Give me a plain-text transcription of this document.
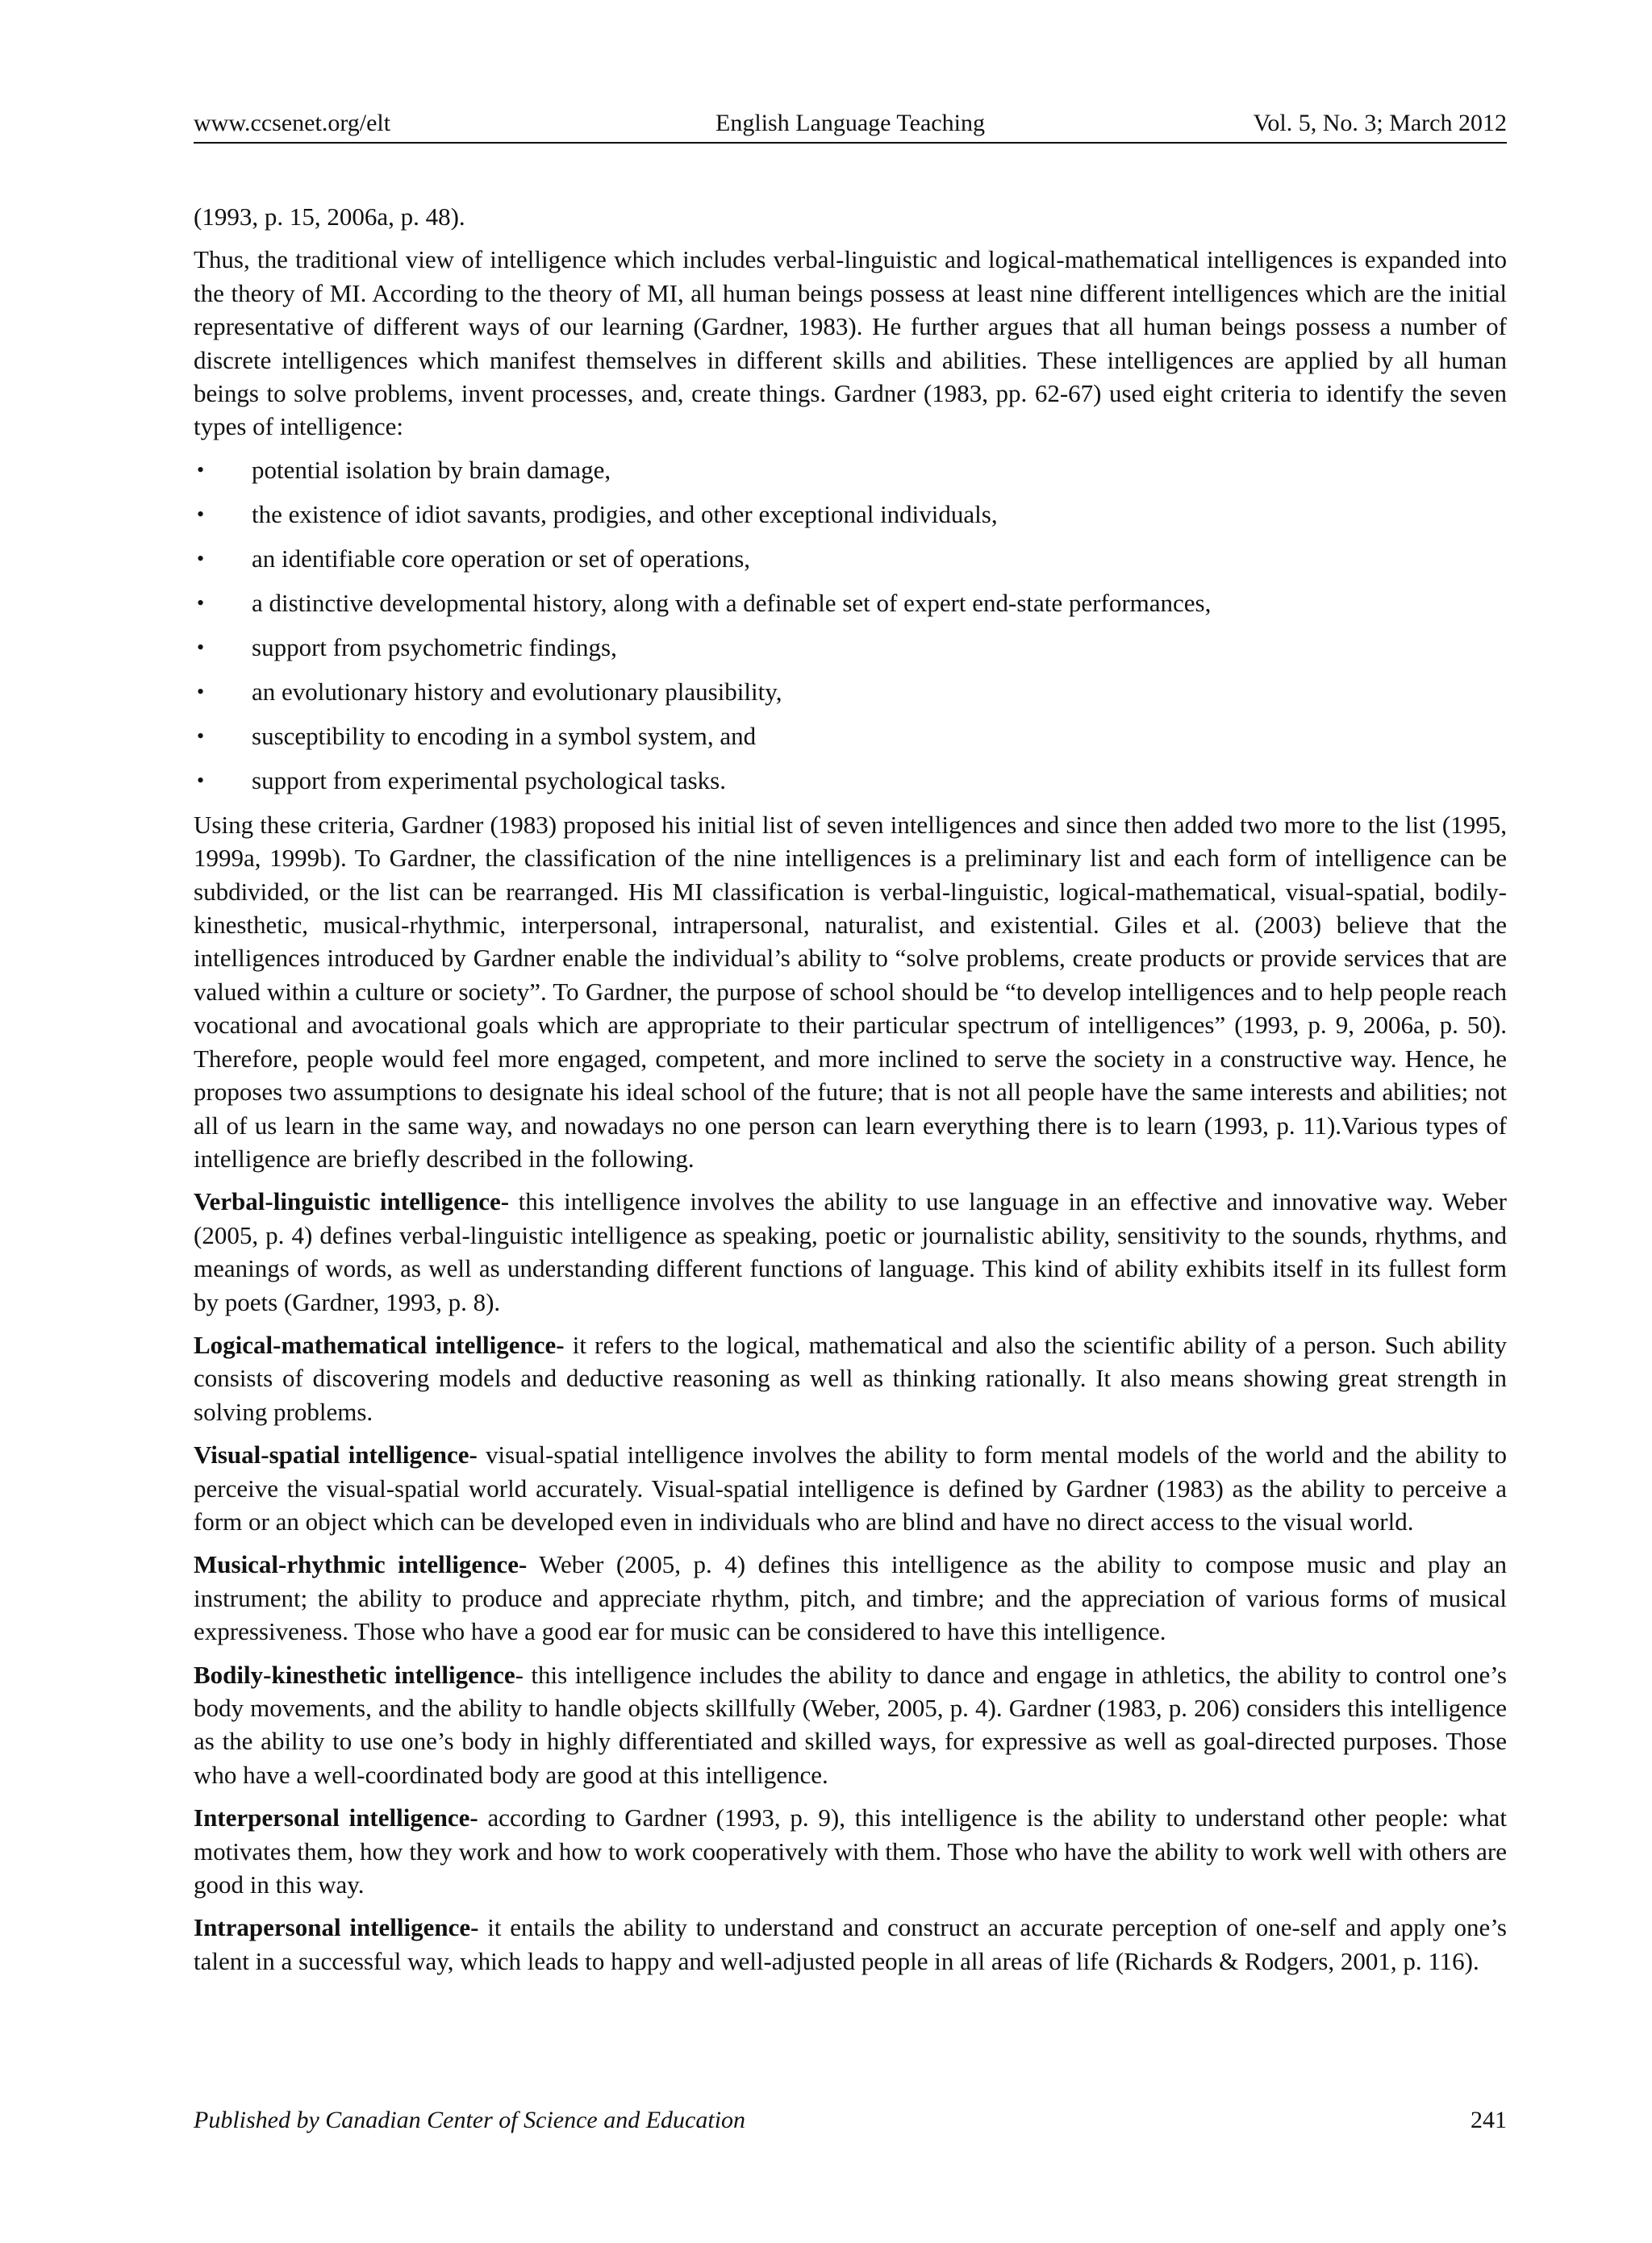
www.ccsenet.org/elt	English Language Teaching	Vol. 5, No. 3; March 2012

(1993, p. 15, 2006a, p. 48).

Thus, the traditional view of intelligence which includes verbal-linguistic and logical-mathematical intelligences is expanded into the theory of MI. According to the theory of MI, all human beings possess at least nine different intelligences which are the initial representative of different ways of our learning (Gardner, 1983). He further argues that all human beings possess a number of discrete intelligences which manifest themselves in different skills and abilities. These intelligences are applied by all human beings to solve problems, invent processes, and, create things. Gardner (1983, pp. 62-67) used eight criteria to identify the seven types of intelligence:

• potential isolation by brain damage,
• the existence of idiot savants, prodigies, and other exceptional individuals,
• an identifiable core operation or set of operations,
• a distinctive developmental history, along with a definable set of expert end-state performances,
• support from psychometric findings,
• an evolutionary history and evolutionary plausibility,
• susceptibility to encoding in a symbol system, and
• support from experimental psychological tasks.

Using these criteria, Gardner (1983) proposed his initial list of seven intelligences and since then added two more to the list (1995, 1999a, 1999b). To Gardner, the classification of the nine intelligences is a preliminary list and each form of intelligence can be subdivided, or the list can be rearranged. His MI classification is verbal-linguistic, logical-mathematical, visual-spatial, bodily-kinesthetic, musical-rhythmic, interpersonal, intrapersonal, naturalist, and existential. Giles et al. (2003) believe that the intelligences introduced by Gardner enable the individual’s ability to “solve problems, create products or provide services that are valued within a culture or society”. To Gardner, the purpose of school should be “to develop intelligences and to help people reach vocational and avocational goals which are appropriate to their particular spectrum of intelligences” (1993, p. 9, 2006a, p. 50). Therefore, people would feel more engaged, competent, and more inclined to serve the society in a constructive way. Hence, he proposes two assumptions to designate his ideal school of the future; that is not all people have the same interests and abilities; not all of us learn in the same way, and nowadays no one person can learn everything there is to learn (1993, p. 11).Various types of intelligence are briefly described in the following.

Verbal-linguistic intelligence- this intelligence involves the ability to use language in an effective and innovative way. Weber (2005, p. 4) defines verbal-linguistic intelligence as speaking, poetic or journalistic ability, sensitivity to the sounds, rhythms, and meanings of words, as well as understanding different functions of language. This kind of ability exhibits itself in its fullest form by poets (Gardner, 1993, p. 8).

Logical-mathematical intelligence- it refers to the logical, mathematical and also the scientific ability of a person. Such ability consists of discovering models and deductive reasoning as well as thinking rationally. It also means showing great strength in solving problems.

Visual-spatial intelligence- visual-spatial intelligence involves the ability to form mental models of the world and the ability to perceive the visual-spatial world accurately. Visual-spatial intelligence is defined by Gardner (1983) as the ability to perceive a form or an object which can be developed even in individuals who are blind and have no direct access to the visual world.

Musical-rhythmic intelligence- Weber (2005, p. 4) defines this intelligence as the ability to compose music and play an instrument; the ability to produce and appreciate rhythm, pitch, and timbre; and the appreciation of various forms of musical expressiveness. Those who have a good ear for music can be considered to have this intelligence.

Bodily-kinesthetic intelligence- this intelligence includes the ability to dance and engage in athletics, the ability to control one’s body movements, and the ability to handle objects skillfully (Weber, 2005, p. 4). Gardner (1983, p. 206) considers this intelligence as the ability to use one’s body in highly differentiated and skilled ways, for expressive as well as goal-directed purposes. Those who have a well-coordinated body are good at this intelligence.

Interpersonal intelligence- according to Gardner (1993, p. 9), this intelligence is the ability to understand other people: what motivates them, how they work and how to work cooperatively with them. Those who have the ability to work well with others are good in this way.

Intrapersonal intelligence- it entails the ability to understand and construct an accurate perception of one-self and apply one’s talent in a successful way, which leads to happy and well-adjusted people in all areas of life (Richards & Rodgers, 2001, p. 116).

Published by Canadian Center of Science and Education	241
